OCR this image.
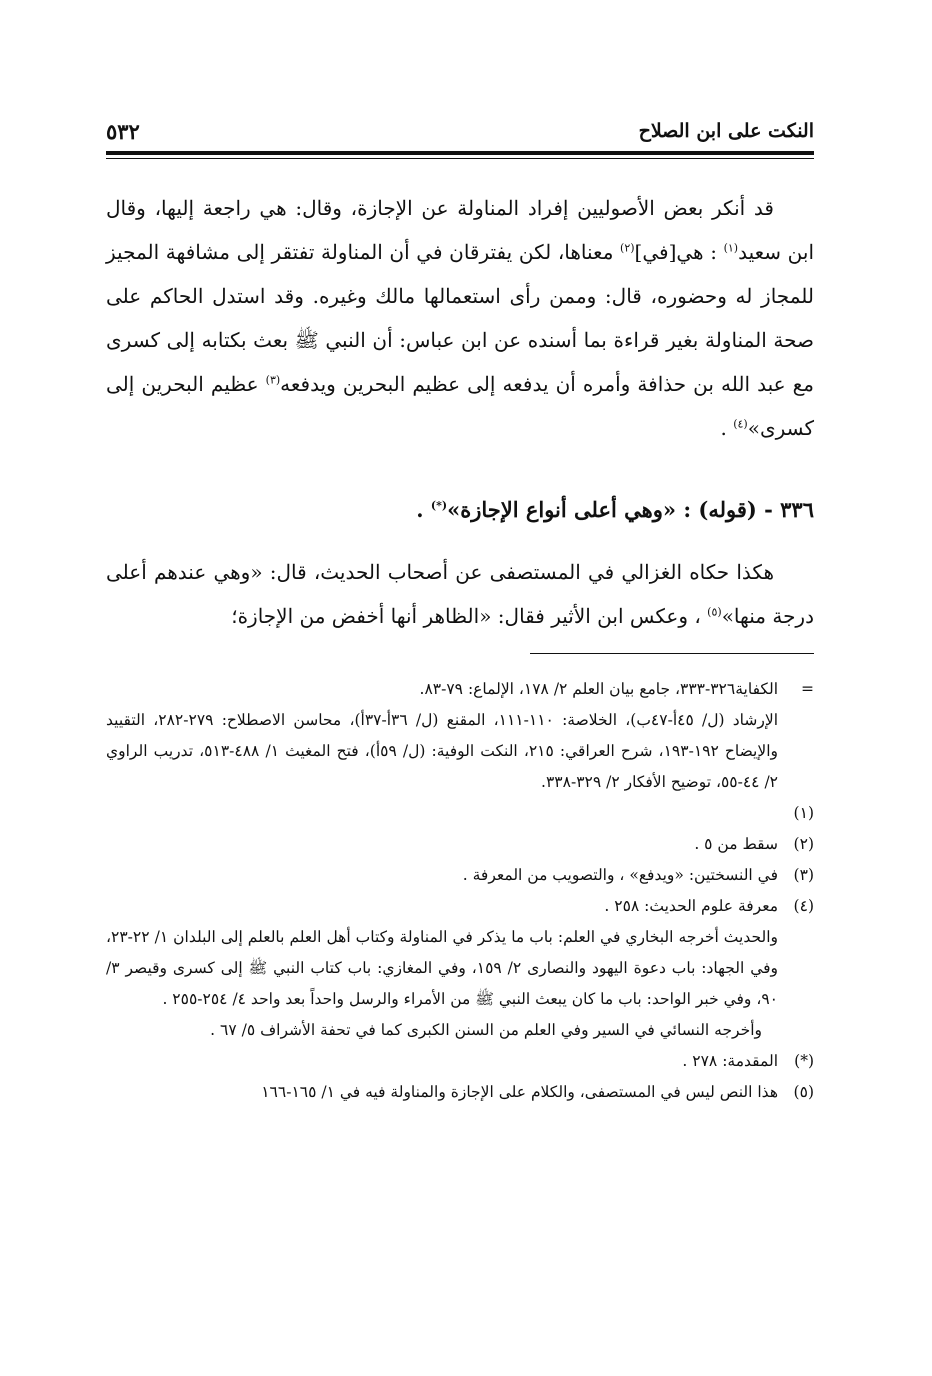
النكت على ابن الصلاح
٥٣٢

قد أنكر بعض الأصوليين إفراد المناولة عن الإجازة، وقال: هي راجعة إليها، وقال ابن سعيد$^{(١)}$ : هي[في]$^{(٢)}$ معناها، لكن يفترقان في أن المناولة تفتقر إلى مشافهة المجيز للمجاز له وحضوره، قال: وممن رأى استعمالها مالك وغيره. وقد استدل الحاكم على صحة المناولة بغير قراءة بما أسنده عن ابن عباس: أن النبي ﷺ بعث بكتابه إلى كسرى مع عبد الله بن حذافة وأمره أن يدفعه إلى عظيم البحرين ويدفعه$^{(٣)}$ عظيم البحرين إلى كسرى»$^{(٤)}$ .

٣٣٦ - (قوله) : «وهي أعلى أنواع الإجازة»(*) .

هكذا حكاه الغزالي في المستصفى عن أصحاب الحديث، قال: «وهي عندهم أعلى درجة منها»$^{(٥)}$ ، وعكس ابن الأثير فقال: «الظاهر أنها أخفض من الإجازة؛

=
الكفاية٣٢٦-٣٣٣، جامع بيان العلم ٢/ ١٧٨، الإلماع: ٧٩-٨٣.
الإرشاد (ل/ ٤٥أ-٤٧ب)، الخلاصة: ١١٠-١١١، المقنع (ل/ ٣٦أ-٣٧أ)، محاسن الاصطلاح: ٢٧٩-٢٨٢، التقييد والإيضاح ١٩٢-١٩٣، شرح العراقي: ٢١٥، النكت الوفية: (ل/ ٥٩أ)، فتح المغيث ١/ ٤٨٨-٥١٣، تدريب الراوي ٢/ ٤٤-٥٥، توضيح الأفكار ٢/ ٣٢٩-٣٣٨.
(١)
(٢)
سقط من ٥ .
(٣)
في النسختين: «ويدفع» ، والتصويب من المعرفة .
(٤)
معرفة علوم الحديث: ٢٥٨ .
والحديث أخرجه البخاري في العلم: باب ما يذكر في المناولة وكتاب أهل العلم بالعلم إلى البلدان ١/ ٢٢-٢٣، وفي الجهاد: باب دعوة اليهود والنصارى ٢/ ١٥٩، وفي المغازي: باب كتاب النبي ﷺ إلى كسرى وقيصر ٣/ ٩٠، وفي خبر الواحد: باب ما كان يبعث النبي ﷺ من الأمراء والرسل واحداً بعد واحد ٤/ ٢٥٤-٢٥٥ .
وأخرجه النسائي في السير وفي العلم من السنن الكبرى كما في تحفة الأشراف ٥/ ٦٧ .
(*)
المقدمة: ٢٧٨ .
(٥)
هذا النص ليس في المستصفى، والكلام على الإجازة والمناولة فيه في ١/ ١٦٥-١٦٦
